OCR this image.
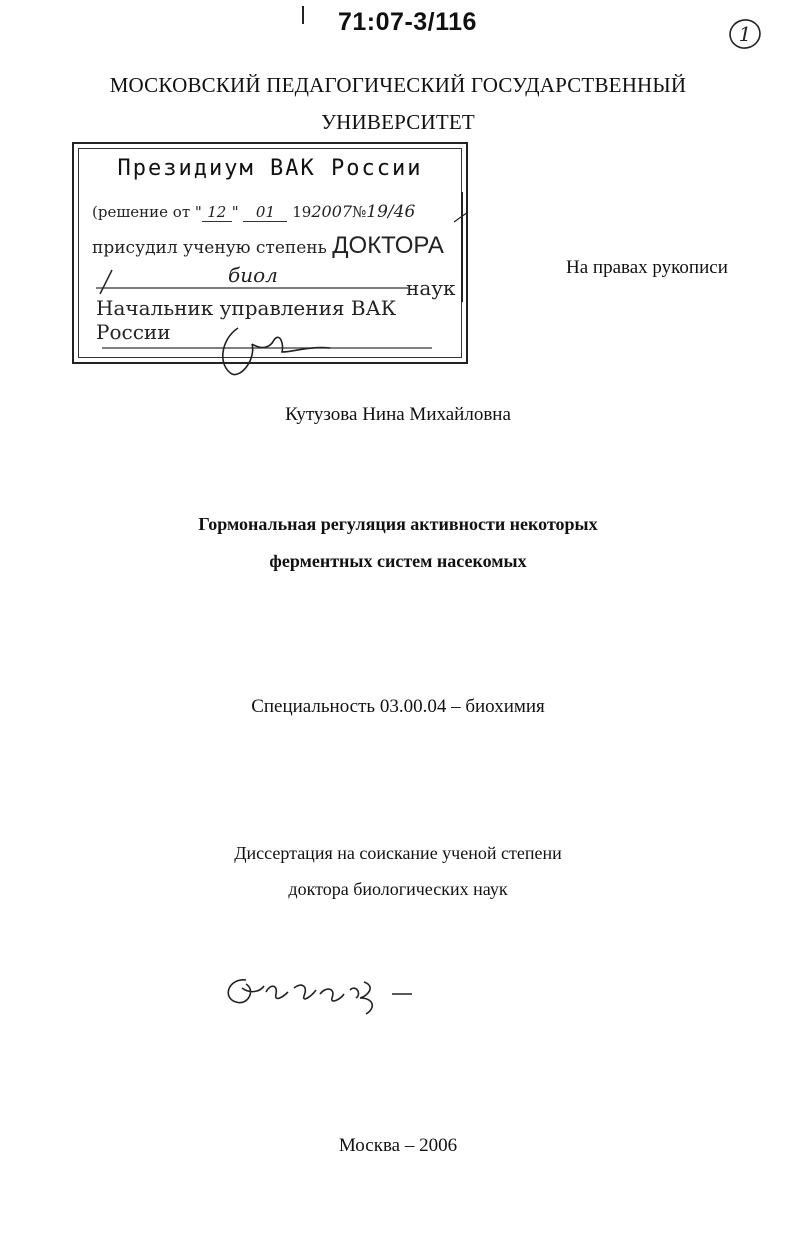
71:07-3/116	1
МОСКОВСКИЙ ПЕДАГОГИЧЕСКИЙ ГОСУДАРСТВЕННЫЙ
УНИВЕРСИТЕТ
Президиум ВАК России
(решение от " 12 " 01 192007№19/46
присудил ученую степень ДОКТОРА
биол
наук
Начальник управления ВАК России
На правах рукописи
Кутузова Нина Михайловна
Гормональная регуляция активности некоторых
ферментных систем насекомых
Специальность 03.00.04 – биохимия
Диссертация на соискание ученой степени
доктора биологических наук
Москва – 2006
